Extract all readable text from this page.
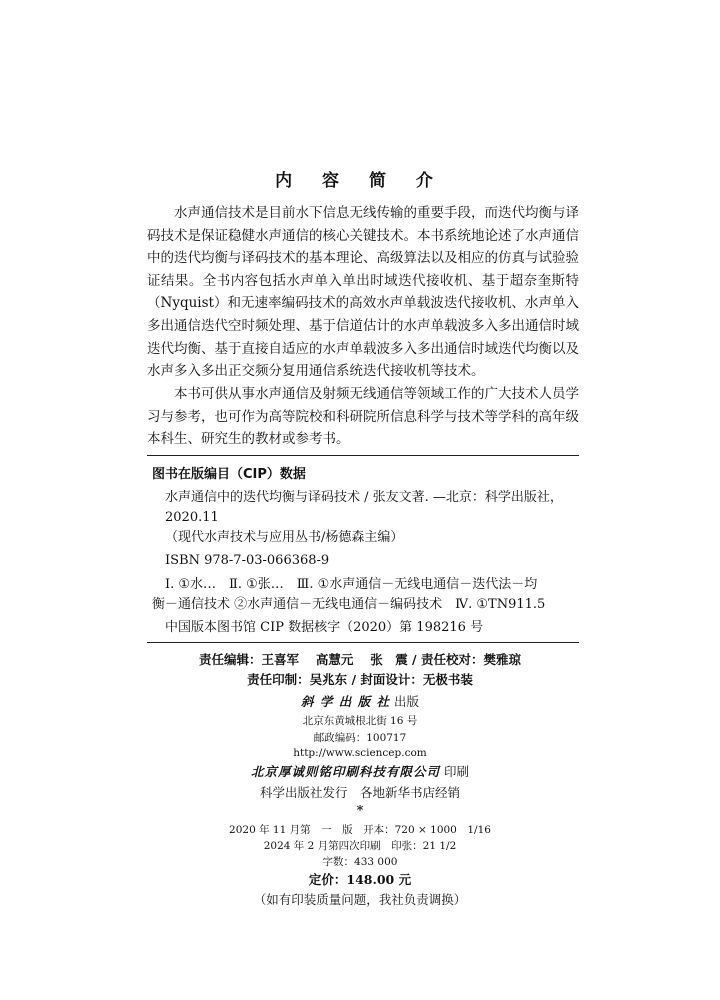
内 容 简 介

水声通信技术是目前水下信息无线传输的重要手段，而迭代均衡与译码技术是保证稳健水声通信的核心关键技术。本书系统地论述了水声通信中的迭代均衡与译码技术的基本理论、高级算法以及相应的仿真与试验验证结果。全书内容包括水声单入单出时域迭代接收机、基于超奈奎斯特（Nyquist）和无速率编码技术的高效水声单载波迭代接收机、水声单入多出通信迭代空时频处理、基于信道估计的水声单载波多入多出通信时域迭代均衡、基于直接自适应的水声单载波多入多出通信时域迭代均衡以及水声多入多出正交频分复用通信系统迭代接收机等技术。

本书可供从事水声通信及射频无线通信等领域工作的广大技术人员学习与参考，也可作为高等院校和科研院所信息科学与技术等学科的高年级本科生、研究生的教材或参考书。

图书在版编目（CIP）数据
水声通信中的迭代均衡与译码技术 / 张友文著. —北京：科学出版社，
2020.11
（现代水声技术与应用丛书/杨德森主编）
ISBN 978-7-03-066368-9
Ⅰ. ①水…　Ⅱ. ①张…　Ⅲ. ①水声通信－无线电通信－迭代法－均
衡－通信技术 ②水声通信－无线电通信－编码技术　Ⅳ. ①TN911.5
中国版本图书馆 CIP 数据核字（2020）第 198216 号
责任编辑：王喜军　 高慧元　 张　震 / 责任校对：樊雅琼
责任印制：吴兆东 / 封面设计：无极书装
斜 学 出 版 社 出版
北京东黄城根北街 16 号
邮政编码：100717
http://www.sciencep.com
北京厚诚则铭印刷科技有限公司 印刷
科学出版社发行　各地新华书店经销
*
2020 年 11 月第　一　版　开本：720 × 1000　1/16
2024 年 2 月第四次印刷　印张：21 1/2
字数：433 000
定价：148.00 元
（如有印装质量问题，我社负责调换）
